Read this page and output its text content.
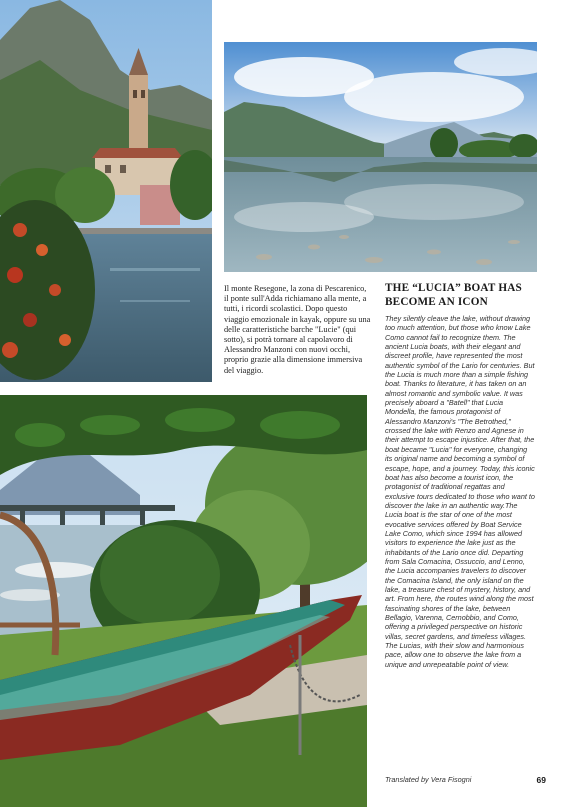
Il monte Resegone, la zona di Pescarenico, il ponte sull'Adda richiamano alla mente, a tutti, i ricordi scolastici. Dopo questo viaggio emozionale in kayak, oppure su una delle caratteristiche barche "Lucie" (qui sotto), si potrà tornare al capolavoro di Alessandro Manzoni con nuovi occhi, proprio grazie alla dimensione immersiva del viaggio.

THE “LUCIA” BOAT HAS BECOME AN ICON

They silently cleave the lake, without drawing too much attention, but those who know Lake Como cannot fail to recognize them. The ancient Lucia boats, with their elegant and discreet profile, have represented the most authentic symbol of the Lario for centuries. But the Lucia is much more than a simple fishing boat. Thanks to literature, it has taken on an almost romantic and symbolic value. It was precisely aboard a "Batell" that Lucia Mondella, the famous protagonist of Alessandro Manzoni's "The Betrothed," crossed the lake with Renzo and Agnese in their attempt to escape injustice. After that, the boat became "Lucia" for everyone, changing its original name and becoming a symbol of escape, hope, and a journey. Today, this iconic boat has also become a tourist icon, the protagonist of traditional regattas and exclusive tours dedicated to those who want to discover the lake in an authentic way.The Lucia boat is the star of one of the most evocative services offered by Boat Service Lake Como, which since 1994 has allowed visitors to experience the lake just as the inhabitants of the Lario once did. Departing from Sala Comacina, Ossuccio, and Lenno, the Lucia accompanies travelers to discover the Comacina Island, the only island on the lake, a treasure chest of mystery, history, and art. From here, the routes wind along the most fascinating shores of the lake, between Bellagio, Varenna, Cernobbio, and Como, offering a privileged perspective on historic villas, secret gardens, and timeless villages. The Lucias, with their slow and harmonious pace, allow one to observe the lake from a unique and unrepeatable point of view.

Translated by Vera Fisogni	69
